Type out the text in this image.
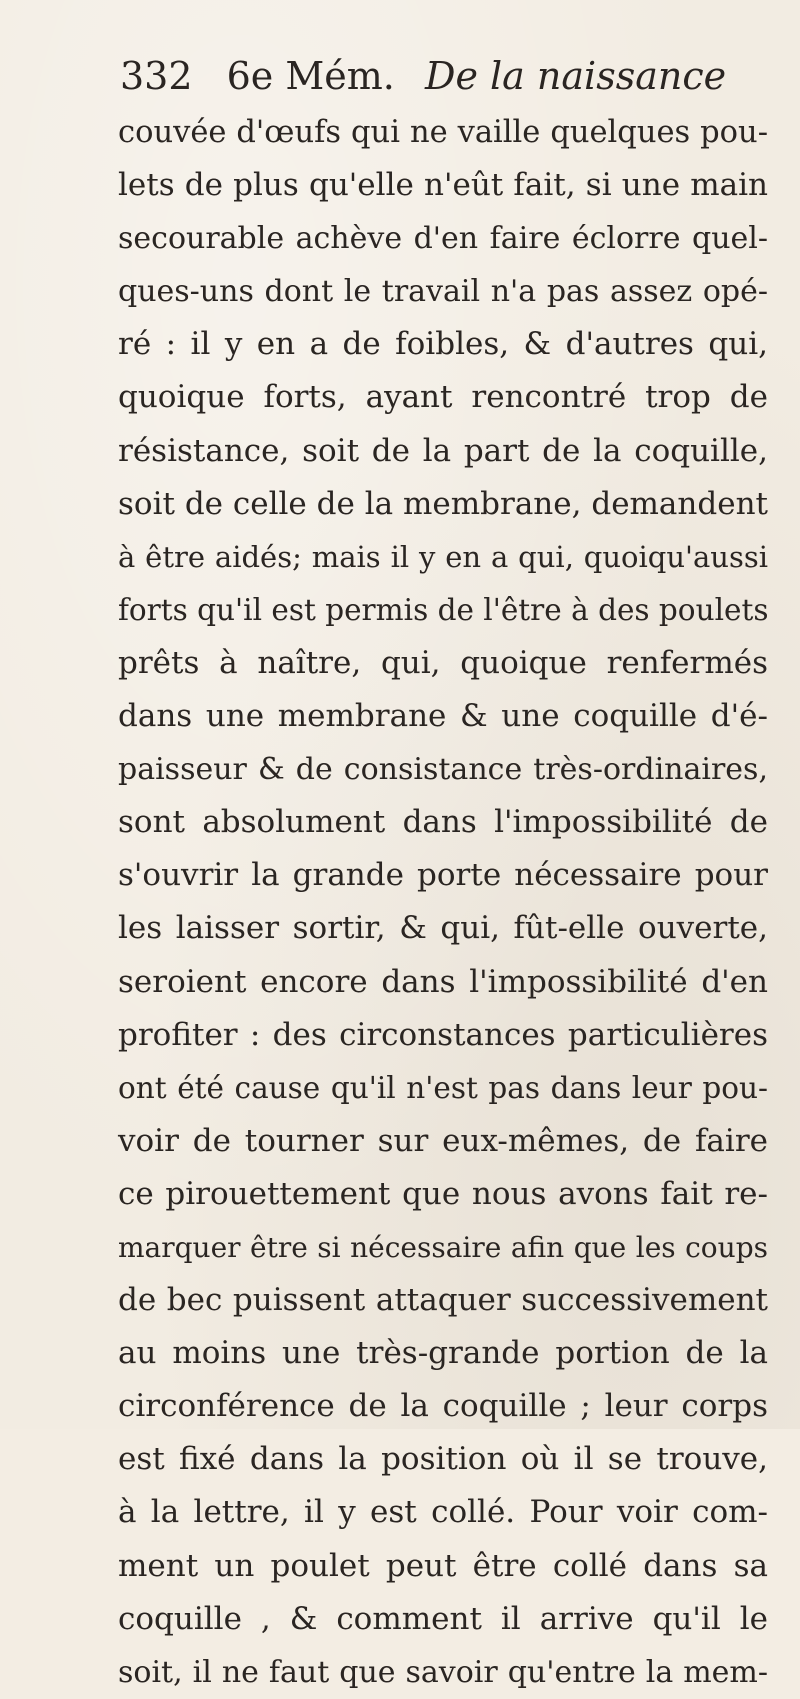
332 6e Mém. De la naissance
couvée d'œufs qui ne vaille quelques pou-
lets de plus qu'elle n'eût fait, si une main
secourable achève d'en faire éclorre quel-
ques-uns dont le travail n'a pas assez opé-
ré : il y en a de foibles, & d'autres qui,
quoique forts, ayant rencontré trop de
résistance, soit de la part de la coquille,
soit de celle de la membrane, demandent
à être aidés; mais il y en a qui, quoiqu'aussi
forts qu'il est permis de l'être à des poulets
prêts à naître, qui, quoique renfermés
dans une membrane & une coquille d'é-
paisseur & de consistance très-ordinaires,
sont absolument dans l'impossibilité de
s'ouvrir la grande porte nécessaire pour
les laisser sortir, & qui, fût-elle ouverte,
seroient encore dans l'impossibilité d'en
profiter : des circonstances particulières
ont été cause qu'il n'est pas dans leur pou-
voir de tourner sur eux-mêmes, de faire
ce pirouettement que nous avons fait re-
marquer être si nécessaire afin que les coups
de bec puissent attaquer successivement
au moins une très-grande portion de la
circonférence de la coquille ; leur corps
est fixé dans la position où il se trouve,
à la lettre, il y est collé. Pour voir com-
ment un poulet peut être collé dans sa
coquille , & comment il arrive qu'il le
soit, il ne faut que savoir qu'entre la mem-
